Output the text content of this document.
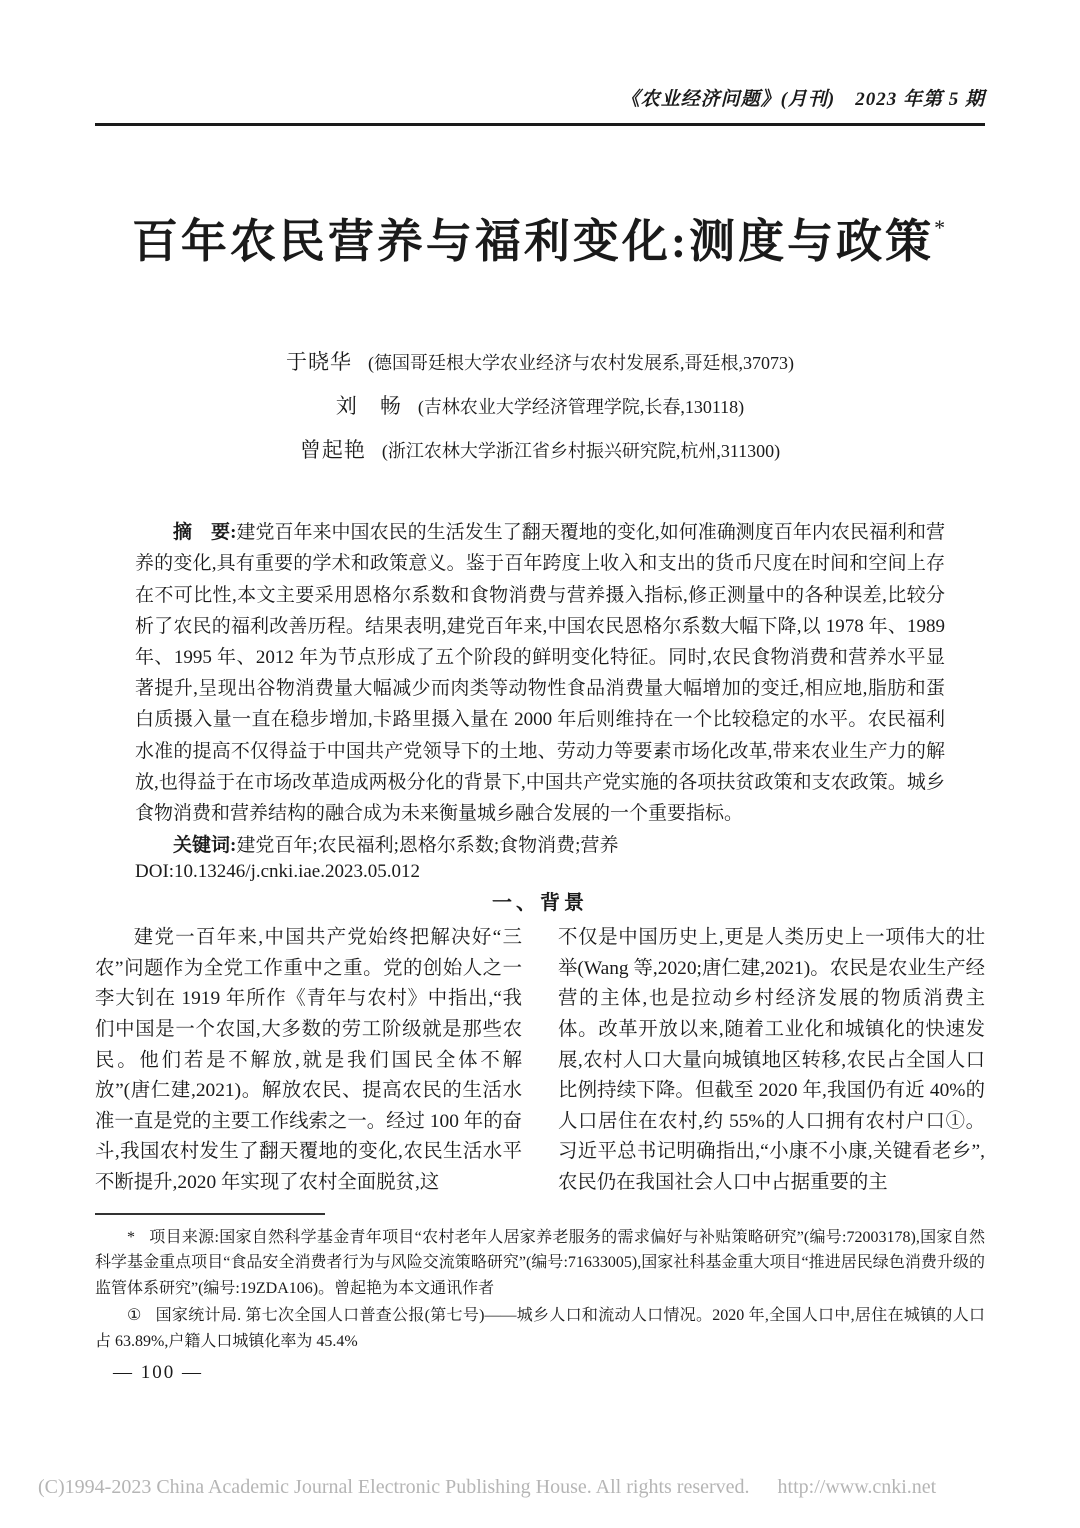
《农业经济问题》(月刊)　2023 年第 5 期
百年农民营养与福利变化:测度与政策*
于晓华 (德国哥廷根大学农业经济与农村发展系,哥廷根,37073)
刘　畅 (吉林农业大学经济管理学院,长春,130118)
曾起艳 (浙江农林大学浙江省乡村振兴研究院,杭州,311300)

摘　要:建党百年来中国农民的生活发生了翻天覆地的变化,如何准确测度百年内农民福利和营养的变化,具有重要的学术和政策意义。鉴于百年跨度上收入和支出的货币尺度在时间和空间上存在不可比性,本文主要采用恩格尔系数和食物消费与营养摄入指标,修正测量中的各种误差,比较分析了农民的福利改善历程。结果表明,建党百年来,中国农民恩格尔系数大幅下降,以 1978 年、1989 年、1995 年、2012 年为节点形成了五个阶段的鲜明变化特征。同时,农民食物消费和营养水平显著提升,呈现出谷物消费量大幅减少而肉类等动物性食品消费量大幅增加的变迁,相应地,脂肪和蛋白质摄入量一直在稳步增加,卡路里摄入量在 2000 年后则维持在一个比较稳定的水平。农民福利水准的提高不仅得益于中国共产党领导下的土地、劳动力等要素市场化改革,带来农业生产力的解放,也得益于在市场改革造成两极分化的背景下,中国共产党实施的各项扶贫政策和支农政策。城乡食物消费和营养结构的融合成为未来衡量城乡融合发展的一个重要指标。

关键词:建党百年;农民福利;恩格尔系数;食物消费;营养

DOI:10.13246/j.cnki.iae.2023.05.012

一、背景

建党一百年来,中国共产党始终把解决好“三农”问题作为全党工作重中之重。党的创始人之一李大钊在 1919 年所作《青年与农村》中指出,“我们中国是一个农国,大多数的劳工阶级就是那些农民。他们若是不解放,就是我们国民全体不解放”(唐仁建,2021)。解放农民、提高农民的生活水准一直是党的主要工作线索之一。经过 100 年的奋斗,我国农村发生了翻天覆地的变化,农民生活水平不断提升,2020 年实现了农村全面脱贫,这

不仅是中国历史上,更是人类历史上一项伟大的壮举(Wang 等,2020;唐仁建,2021)。农民是农业生产经营的主体,也是拉动乡村经济发展的物质消费主体。改革开放以来,随着工业化和城镇化的快速发展,农村人口大量向城镇地区转移,农民占全国人口比例持续下降。但截至 2020 年,我国仍有近 40%的人口居住在农村,约 55%的人口拥有农村户口①。习近平总书记明确指出,“小康不小康,关键看老乡”,农民仍在我国社会人口中占据重要的主

* 项目来源:国家自然科学基金青年项目“农村老年人居家养老服务的需求偏好与补贴策略研究”(编号:72003178),国家自然科学基金重点项目“食品安全消费者行为与风险交流策略研究”(编号:71633005),国家社科基金重大项目“推进居民绿色消费升级的监管体系研究”(编号:19ZDA106)。曾起艳为本文通讯作者

① 国家统计局. 第七次全国人口普查公报(第七号)——城乡人口和流动人口情况。2020 年,全国人口中,居住在城镇的人口占 63.89%,户籍人口城镇化率为 45.4%

— 100 —
(C)1994-2023 China Academic Journal Electronic Publishing House. All rights reserved. http://www.cnki.net
